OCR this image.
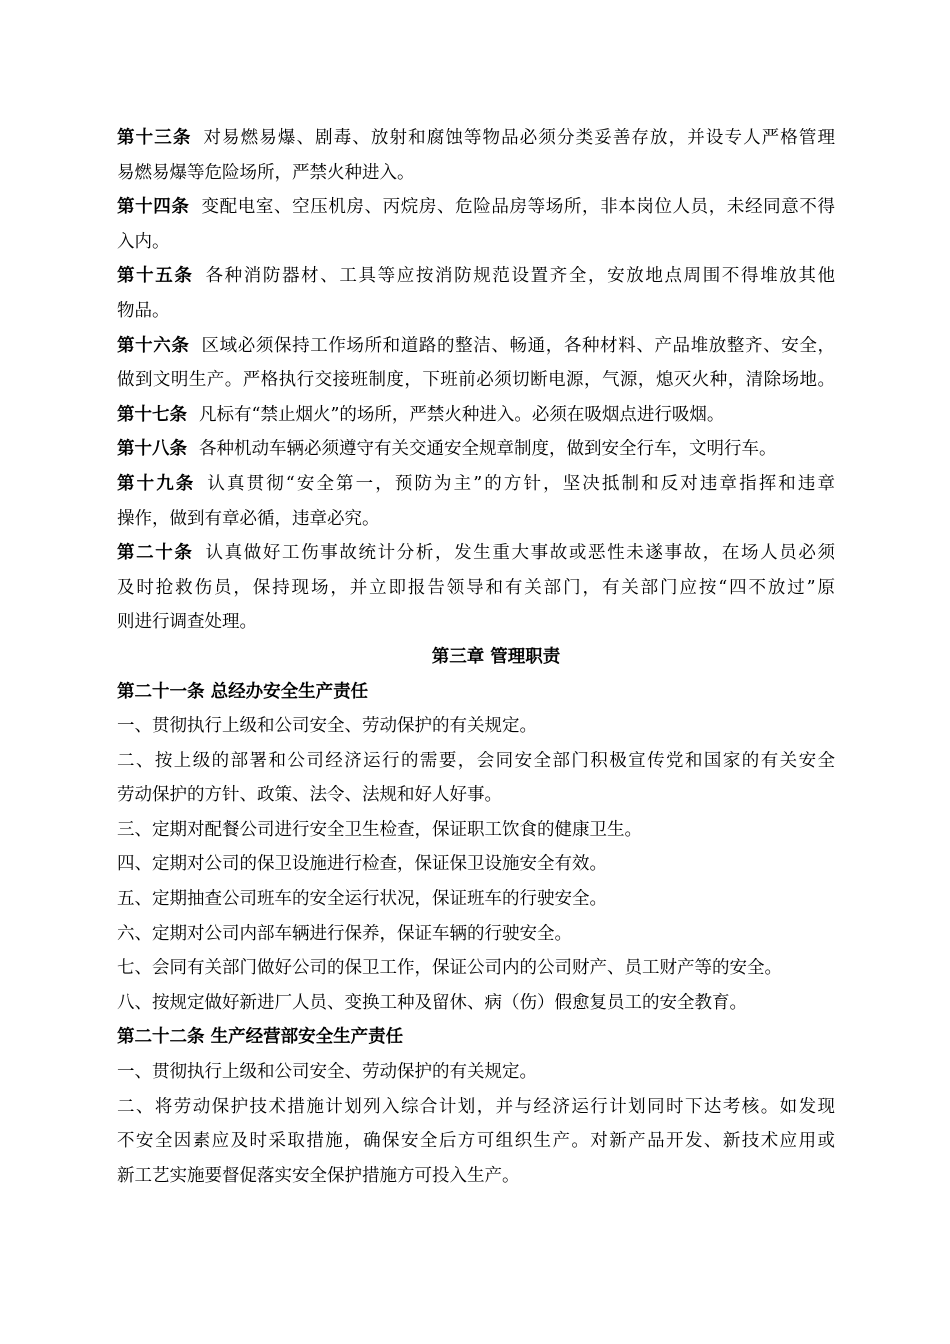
第十三条 对易燃易爆、剧毒、放射和腐蚀等物品必须分类妥善存放，并设专人严格管理
易燃易爆等危险场所，严禁火种进入。
第十四条 变配电室、空压机房、丙烷房、危险品房等场所，非本岗位人员，未经同意不得
入内。
第十五条 各种消防器材、工具等应按消防规范设置齐全，安放地点周围不得堆放其他
物品。
第十六条 区域必须保持工作场所和道路的整洁、畅通，各种材料、产品堆放整齐、安全，
做到文明生产。严格执行交接班制度，下班前必须切断电源，气源，熄灭火种，清除场地。
第十七条 凡标有“禁止烟火”的场所，严禁火种进入。必须在吸烟点进行吸烟。
第十八条 各种机动车辆必须遵守有关交通安全规章制度，做到安全行车，文明行车。
第十九条 认真贯彻“安全第一，预防为主”的方针，坚决抵制和反对违章指挥和违章
操作，做到有章必循，违章必究。
第二十条 认真做好工伤事故统计分析，发生重大事故或恶性未遂事故，在场人员必须
及时抢救伤员，保持现场，并立即报告领导和有关部门，有关部门应按“四不放过”原
则进行调查处理。
第三章 管理职责
第二十一条 总经办安全生产责任
一、贯彻执行上级和公司安全、劳动保护的有关规定。
二、按上级的部署和公司经济运行的需要，会同安全部门积极宣传党和国家的有关安全
劳动保护的方针、政策、法令、法规和好人好事。
三、定期对配餐公司进行安全卫生检查，保证职工饮食的健康卫生。
四、定期对公司的保卫设施进行检查，保证保卫设施安全有效。
五、定期抽查公司班车的安全运行状况，保证班车的行驶安全。
六、定期对公司内部车辆进行保养，保证车辆的行驶安全。
七、会同有关部门做好公司的保卫工作，保证公司内的公司财产、员工财产等的安全。
八、按规定做好新进厂人员、变换工种及留休、病（伤）假愈复员工的安全教育。
第二十二条 生产经营部安全生产责任
一、贯彻执行上级和公司安全、劳动保护的有关规定。
二、将劳动保护技术措施计划列入综合计划，并与经济运行计划同时下达考核。如发现
不安全因素应及时采取措施，确保安全后方可组织生产。对新产品开发、新技术应用或
新工艺实施要督促落实安全保护措施方可投入生产。
